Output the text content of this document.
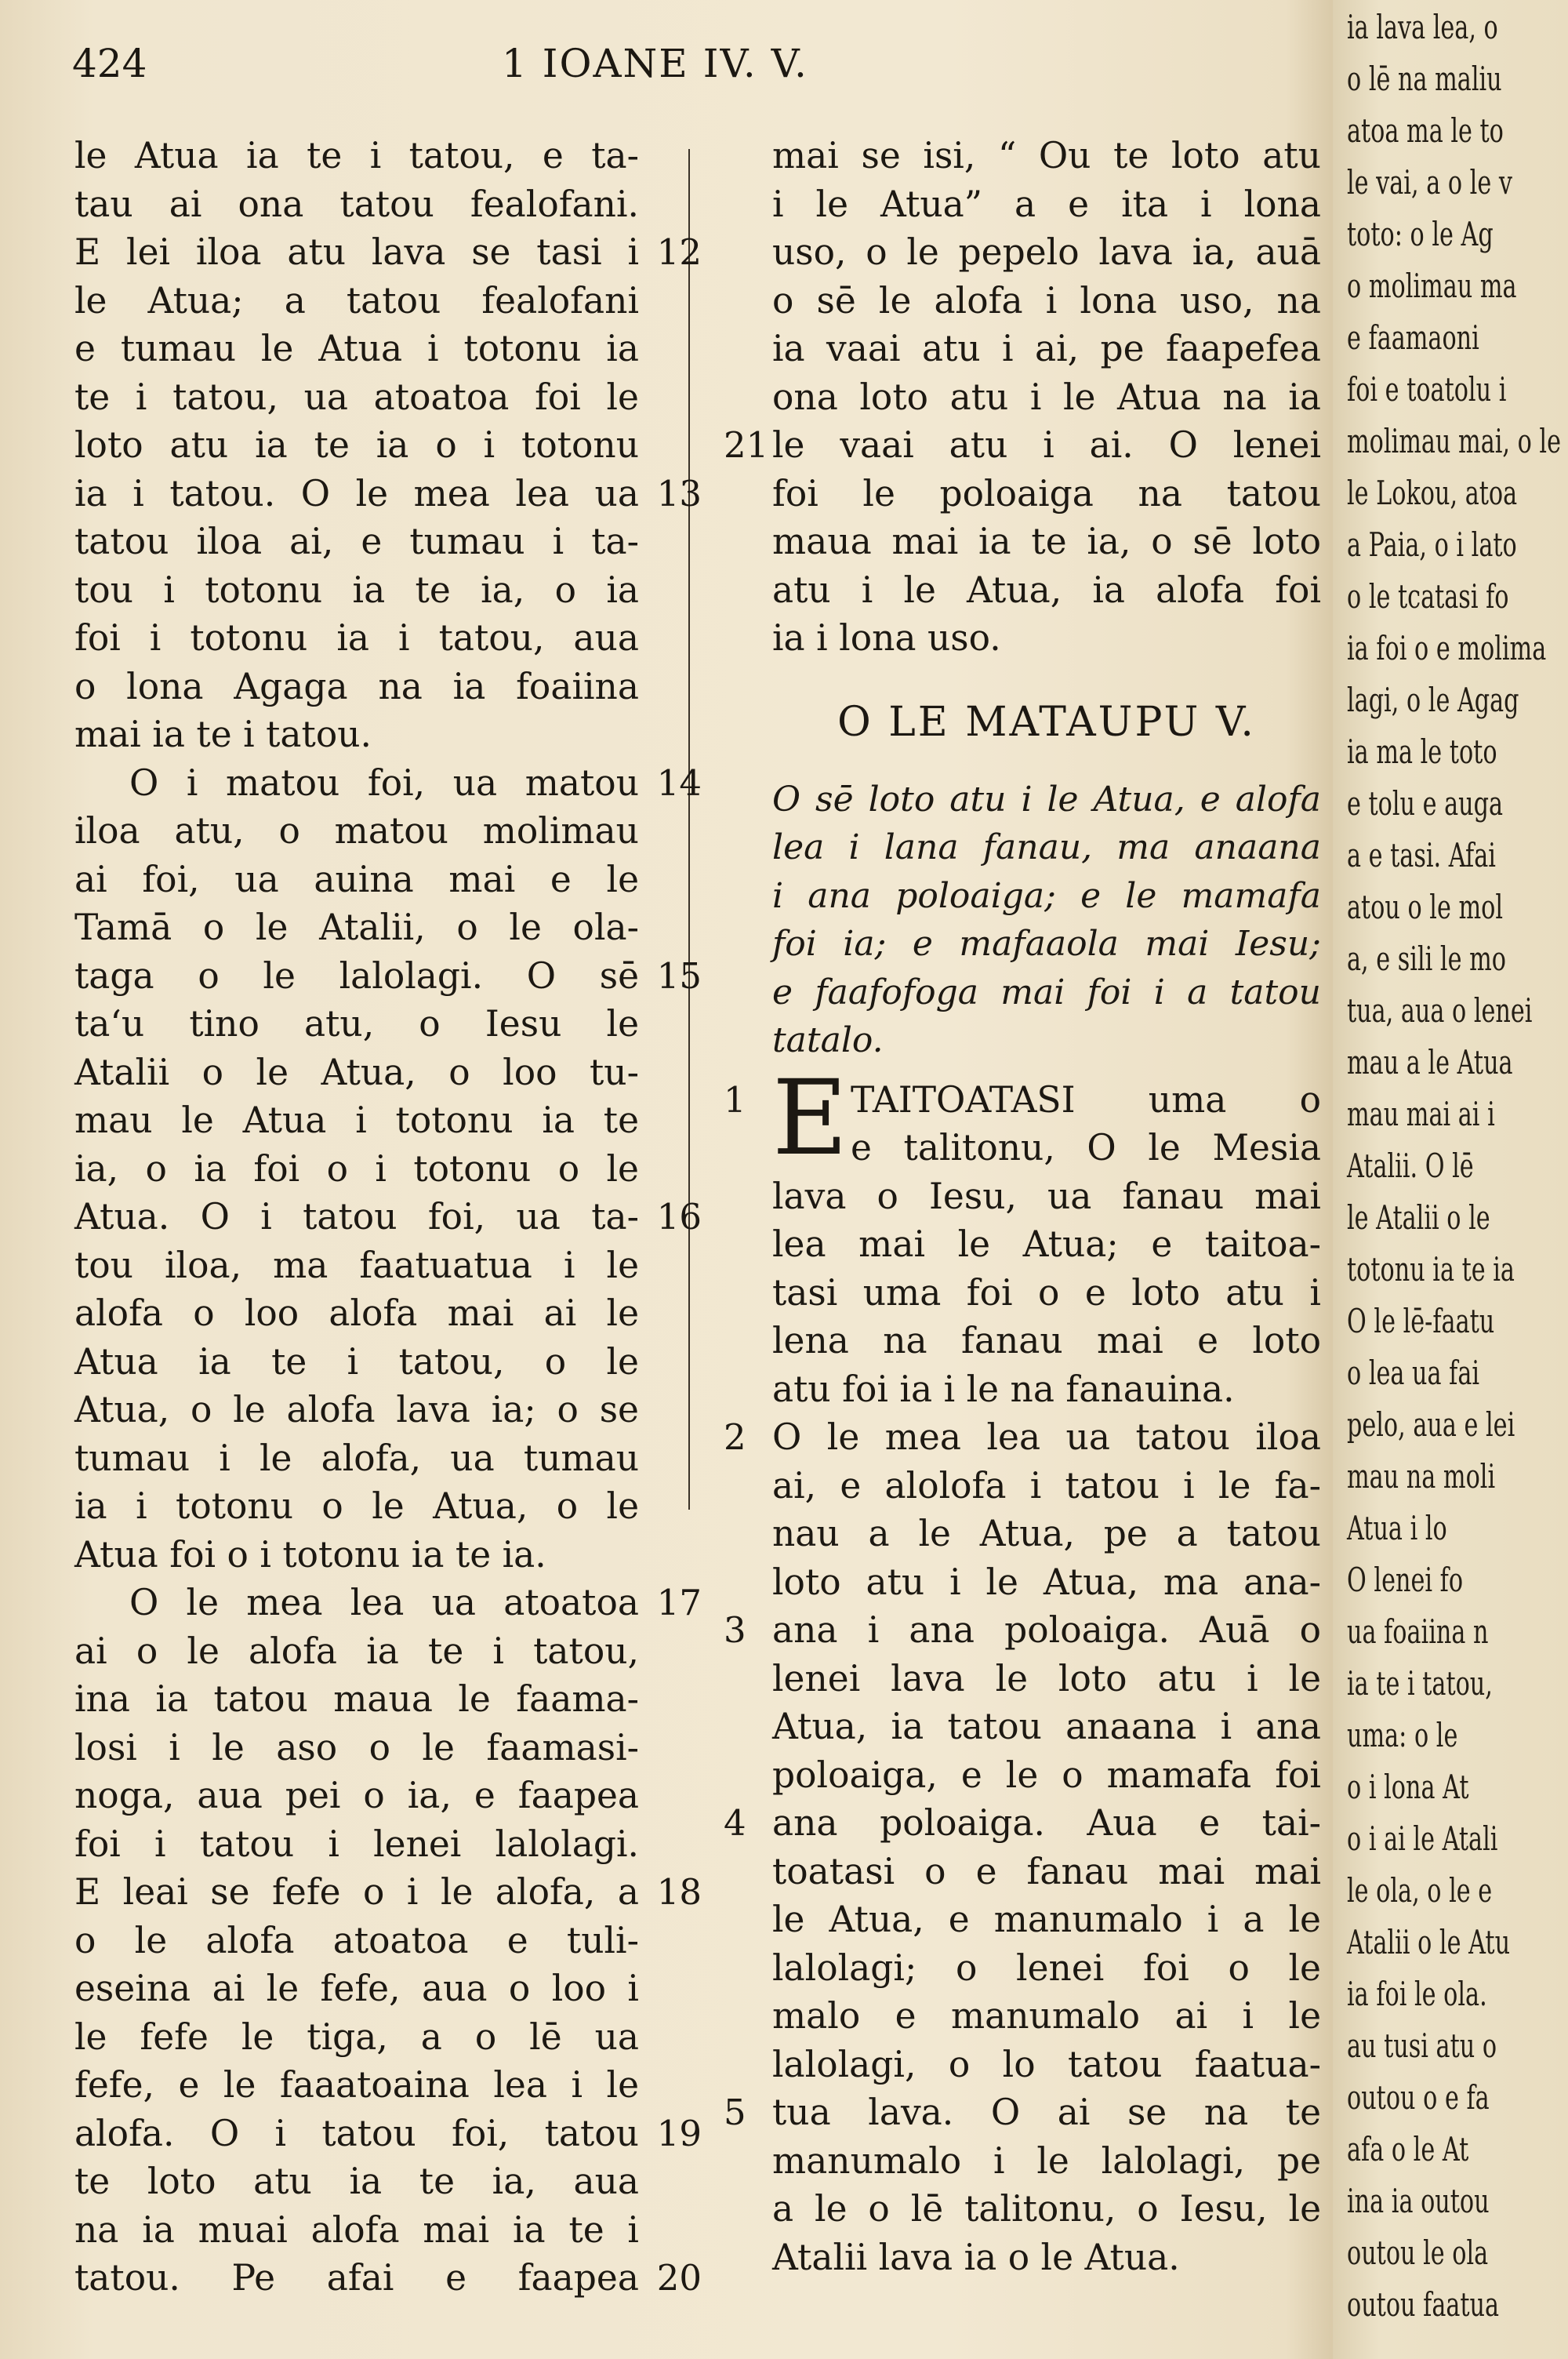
424	1 IOANE IV. V.
le Atua ia te i tatou, e ta-
tau ai ona tatou fealofani.
E lei iloa atu lava se tasi i 12
le Atua; a tatou fealofani
e tumau le Atua i totonu ia
te i tatou, ua atoatoa foi le
loto atu ia te ia o i totonu
ia i tatou. O le mea lea ua 13
tatou iloa ai, e tumau i ta-
tou i totonu ia te ia, o ia
foi i totonu ia i tatou, aua
o lona Agaga na ia foaiina
mai ia te i tatou.
O i matou foi, ua matou 14
iloa atu, o matou molimau
ai foi, ua auina mai e le
Tamā o le Atalii, o le ola-
taga o le lalolagi. O sē 15
ta‘u tino atu, o Iesu le
Atalii o le Atua, o loo tu-
mau le Atua i totonu ia te
ia, o ia foi o i totonu o le
Atua. O i tatou foi, ua ta- 16
tou iloa, ma faatuatua i le
alofa o loo alofa mai ai le
Atua ia te i tatou, o le
Atua, o le alofa lava ia; o se
tumau i le alofa, ua tumau
ia i totonu o le Atua, o le
Atua foi o i totonu ia te ia.
O le mea lea ua atoatoa 17
ai o le alofa ia te i tatou,
ina ia tatou maua le faama-
losi i le aso o le faamasi-
noga, aua pei o ia, e faapea
foi i tatou i lenei lalolagi.
E leai se fefe o i le alofa, a 18
o le alofa atoatoa e tuli-
eseina ai le fefe, aua o loo i
le fefe le tiga, a o lē ua
fefe, e le faaatoaina lea i le
alofa. O i tatou foi, tatou 19
te loto atu ia te ia, aua
na ia muai alofa mai ia te i
tatou. Pe afai e faapea 20
mai se isi, “ Ou te loto atu
i le Atua” a e ita i lona
uso, o le pepelo lava ia, auā
o sē le alofa i lona uso, na
ia vaai atu i ai, pe faapefea
ona loto atu i le Atua na ia
le vaai atu i ai. O lenei
21
foi le poloaiga na tatou
maua mai ia te ia, o sē loto
atu i le Atua, ia alofa foi
ia i lona uso.
O LE MATAUPU V.
O sē loto atu i le Atua, e alofa
lea i lana fanau, ma anaana
i ana poloaiga; e le mamafa
foi ia; e mafaaola mai Iesu;
e faafofoga mai foi i a tatou
tatalo.
1 E TAITOATASI uma o
e talitonu, O le Mesia
lava o Iesu, ua fanau mai
lea mai le Atua; e taitoa-
tasi uma foi o e loto atu i
lena na fanau mai e loto
atu foi ia i le na fanauina.
O le mea lea ua tatou iloa
2
ai, e alolofa i tatou i le fa-
nau a le Atua, pe a tatou
loto atu i le Atua, ma ana-
ana i ana poloaiga. Auā o
3
lenei lava le loto atu i le
Atua, ia tatou anaana i ana
poloaiga, e le o mamafa foi
ana poloaiga. Aua e tai-
4
toatasi o e fanau mai mai
le Atua, e manumalo i a le
lalolagi; o lenei foi o le
malo e manumalo ai i le
lalolagi, o lo tatou faatua-
tua lava. O ai se na te
5
manumalo i le lalolagi, pe
a le o lē talitonu, o Iesu, le
Atalii lava ia o le Atua.
ia lava lea, o
o lē na maliu
atoa ma le to
le vai, a o le v
toto: o le Ag
o molimau ma
e faamaoni
foi e toatolu i
molimau mai, o le
le Lokou, atoa
a Paia, o i lato
o le tcatasi fo
ia foi o e molima
lagi, o le Agag
ia ma le toto
e tolu e auga
a e tasi. Afai
atou o le mol
a, e sili le mo
tua, aua o lenei
mau a le Atua
mau mai ai i
Atalii. O lē
le Atalii o le
totonu ia te ia
O le lē-faatu
o lea ua fai
pelo, aua e lei
mau na moli
Atua i lo
O lenei fo
ua foaiina n
ia te i tatou,
uma: o le
o i lona At
o i ai le Atali
le ola, o le e
Atalii o le Atu
ia foi le ola.
au tusi atu o
outou o e fa
afa o le At
ina ia outou
outou le ola
outou faatua
